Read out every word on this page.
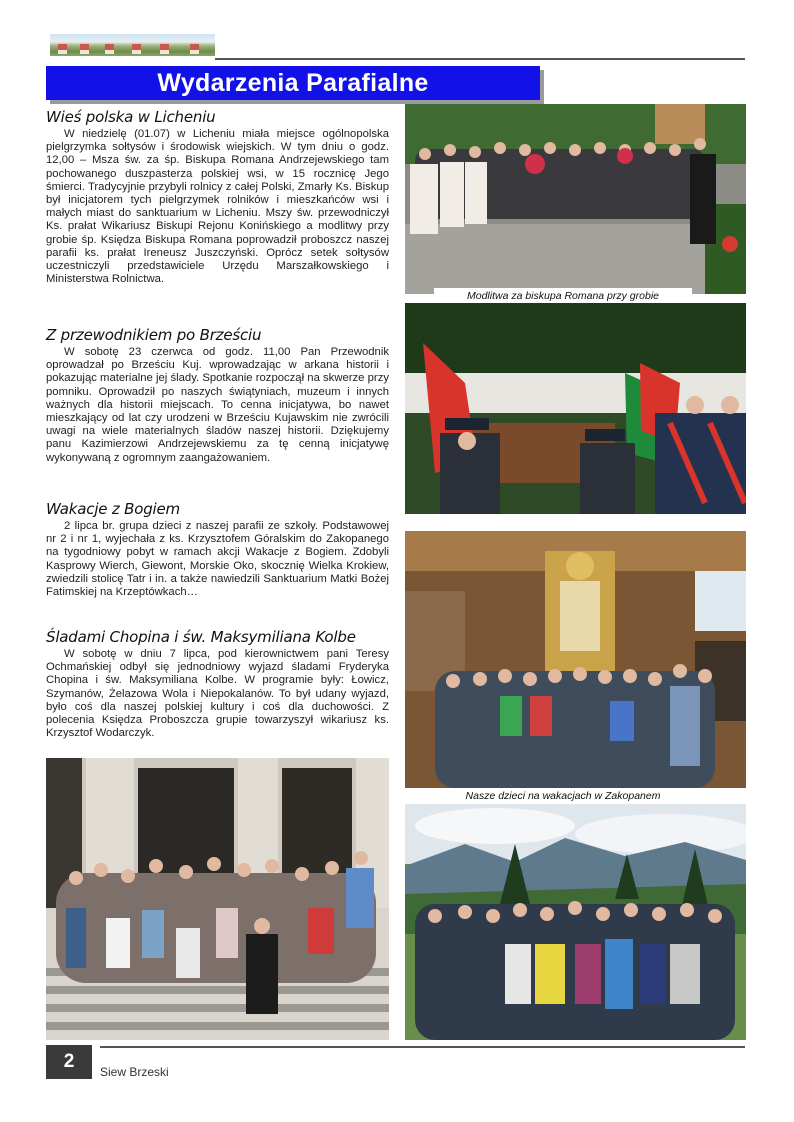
Wydarzenia Parafialne
Wieś polska w Licheniu

W niedzielę (01.07) w Licheniu miała miejsce ogólnopolska pielgrzymka sołtysów i środowisk wiejskich. W tym dniu o godz. 12,00 – Msza św. za śp. Biskupa Romana Andrzejewskiego tam pochowanego duszpasterza polskiej wsi, w 15 rocznicę Jego śmierci. Tradycyjnie przybyli rolnicy z całej Polski, Zmarły Ks. Biskup był inicjatorem tych pielgrzymek rolników i mieszkańców wsi i małych miast do sanktuarium w Licheniu. Mszy św. przewodniczył Ks. prałat Wikariusz Biskupi Rejonu Konińskiego a modlitwy przy grobie śp. Księdza Biskupa Romana poprowadził proboszcz naszej parafii ks. prałat Ireneusz Juszczyński. Oprócz setek sołtysów uczestniczyli przedstawiciele Urzędu Marszałkowskiego i Ministerstwa Rolnictwa.

Z przewodnikiem po Brześciu

W sobotę 23 czerwca od godz. 11,00 Pan Przewodnik oprowadzał po Brześciu Kuj. wprowadzając w arkana historii i pokazując materialne jej ślady. Spotkanie rozpoczął na skwerze przy pomniku. Oprowadził po naszych świątyniach, muzeum i innych ważnych dla historii miejscach. To cenna inicjatywa, bo nawet mieszkający od lat czy urodzeni w Brześciu Kujawskim nie zwrócili uwagi na wiele materialnych śladów naszej historii. Dziękujemy panu Kazimierzowi Andrzejewskiemu za tę cenną inicjatywę wykonywaną z ogromnym zaangażowaniem.

Wakacje z Bogiem

2 lipca br. grupa dzieci z naszej parafii ze szkoły. Podstawowej nr 2 i nr 1, wyjechała z ks. Krzysztofem Góralskim do Zakopanego na tygodniowy pobyt w ramach akcji Wakacje z Bogiem. Zdobyli Kasprowy Wierch, Giewont, Morskie Oko, skocznię Wielka Krokiew, zwiedzili stolicę Tatr i in. a także nawiedzili Sanktuarium Matki Bożej Fatimskiej na Krzeptówkach…

Śladami Chopina i św. Maksymiliana Kolbe

W sobotę w dniu 7 lipca, pod kierownictwem pani Teresy Ochmańskiej odbył się jednodniowy wyjazd śladami Fryderyka Chopina i św. Maksymiliana Kolbe. W programie były: Łowicz, Szymanów, Żelazowa Wola i Niepokalanów. To był udany wyjazd, było coś dla naszej polskiej kultury i coś dla duchowości. Z polecenia Księdza Proboszcza grupie towarzyszył wikariusz ks. Krzysztof Wodarczyk.

Modlitwa za biskupa Romana przy grobie
Nasze dzieci na wakacjach w Zakopanem
2	Siew Brzeski
